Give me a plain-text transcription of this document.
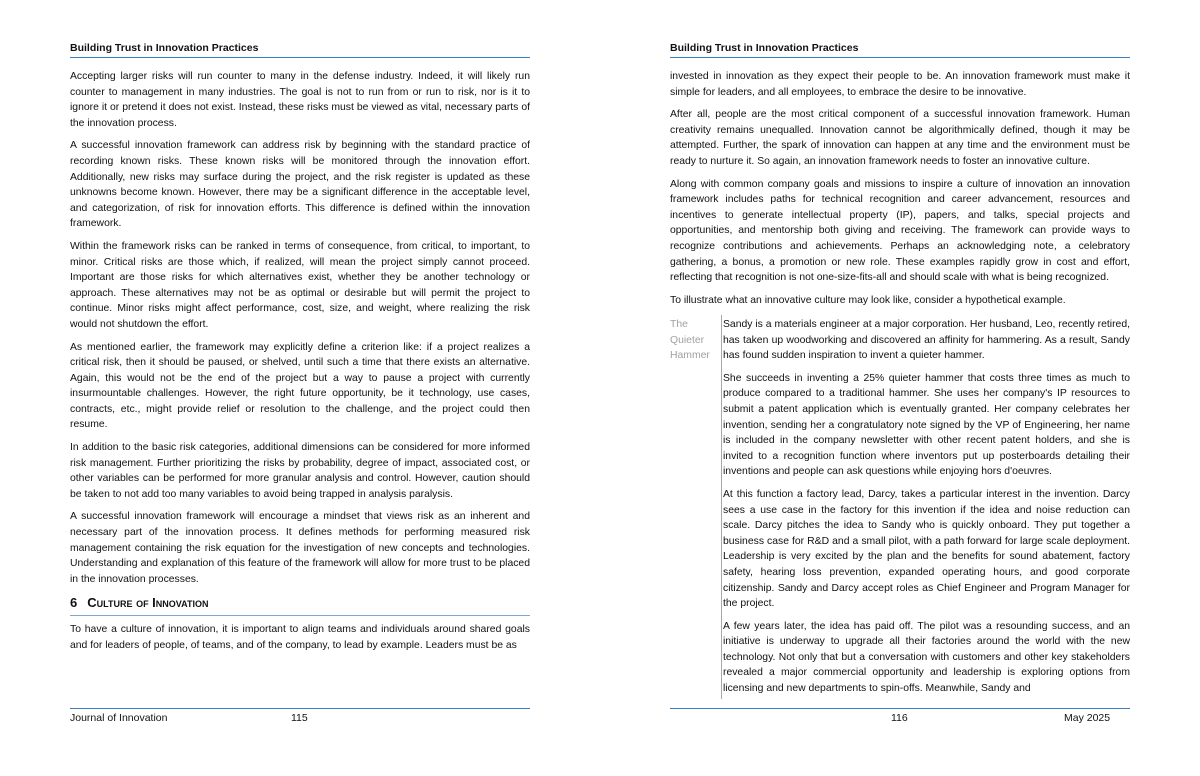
Building Trust in Innovation Practices

Accepting larger risks will run counter to many in the defense industry. Indeed, it will likely run counter to management in many industries. The goal is not to run from or run to risk, nor is it to ignore it or pretend it does not exist. Instead, these risks must be viewed as vital, necessary parts of the innovation process.

A successful innovation framework can address risk by beginning with the standard practice of recording known risks. These known risks will be monitored through the innovation effort. Additionally, new risks may surface during the project, and the risk register is updated as these unknowns become known. However, there may be a significant difference in the acceptable level, and categorization, of risk for innovation efforts. This difference is defined within the innovation framework.

Within the framework risks can be ranked in terms of consequence, from critical, to important, to minor. Critical risks are those which, if realized, will mean the project simply cannot proceed. Important are those risks for which alternatives exist, whether they be another technology or approach. These alternatives may not be as optimal or desirable but will permit the project to continue. Minor risks might affect performance, cost, size, and weight, where realizing the risk would not shutdown the effort.

As mentioned earlier, the framework may explicitly define a criterion like: if a project realizes a critical risk, then it should be paused, or shelved, until such a time that there exists an alternative. Again, this would not be the end of the project but a way to pause a project with currently insurmountable challenges. However, the right future opportunity, be it technology, use cases, contracts, etc., might provide relief or resolution to the challenge, and the project could then resume.

In addition to the basic risk categories, additional dimensions can be considered for more informed risk management. Further prioritizing the risks by probability, degree of impact, associated cost, or other variables can be performed for more granular analysis and control. However, caution should be taken to not add too many variables to avoid being trapped in analysis paralysis.

A successful innovation framework will encourage a mindset that views risk as an inherent and necessary part of the innovation process. It defines methods for performing measured risk management containing the risk equation for the investigation of new concepts and technologies. Understanding and explanation of this feature of the framework will allow for more trust to be placed in the innovation processes.

6 Culture of Innovation

To have a culture of innovation, it is important to align teams and individuals around shared goals and for leaders of people, of teams, and of the company, to lead by example. Leaders must be as

Journal of Innovation	115
Building Trust in Innovation Practices

invested in innovation as they expect their people to be. An innovation framework must make it simple for leaders, and all employees, to embrace the desire to be innovative.

After all, people are the most critical component of a successful innovation framework. Human creativity remains unequalled. Innovation cannot be algorithmically defined, though it may be attempted. Further, the spark of innovation can happen at any time and the environment must be ready to nurture it. So again, an innovation framework needs to foster an innovative culture.

Along with common company goals and missions to inspire a culture of innovation an innovation framework includes paths for technical recognition and career advancement, resources and incentives to generate intellectual property (IP), papers, and talks, special projects and opportunities, and mentorship both giving and receiving. The framework can provide ways to recognize contributions and achievements. Perhaps an acknowledging note, a celebratory gathering, a bonus, a promotion or new role. These examples rapidly grow in cost and effort, reflecting that recognition is not one-size-fits-all and should scale with what is being recognized.

To illustrate what an innovative culture may look like, consider a hypothetical example.

The
Quieter
Hammer

Sandy is a materials engineer at a major corporation. Her husband, Leo, recently retired, has taken up woodworking and discovered an affinity for hammering. As a result, Sandy has found sudden inspiration to invent a quieter hammer.

She succeeds in inventing a 25% quieter hammer that costs three times as much to produce compared to a traditional hammer. She uses her company's IP resources to submit a patent application which is eventually granted. Her company celebrates her invention, sending her a congratulatory note signed by the VP of Engineering, her name is included in the company newsletter with other recent patent holders, and she is invited to a recognition function where inventors put up posterboards detailing their inventions and people can ask questions while enjoying hors d'oeuvres.

At this function a factory lead, Darcy, takes a particular interest in the invention. Darcy sees a use case in the factory for this invention if the idea and noise reduction can scale. Darcy pitches the idea to Sandy who is quickly onboard. They put together a business case for R&D and a small pilot, with a path forward for large scale deployment. Leadership is very excited by the plan and the benefits for sound abatement, factory safety, hearing loss prevention, expanded operating hours, and good corporate citizenship. Sandy and Darcy accept roles as Chief Engineer and Program Manager for the project.

A few years later, the idea has paid off. The pilot was a resounding success, and an initiative is underway to upgrade all their factories around the world with the new technology. Not only that but a conversation with customers and other key stakeholders revealed a major commercial opportunity and leadership is exploring options from licensing and new departments to spin-offs. Meanwhile, Sandy and

116	May 2025
